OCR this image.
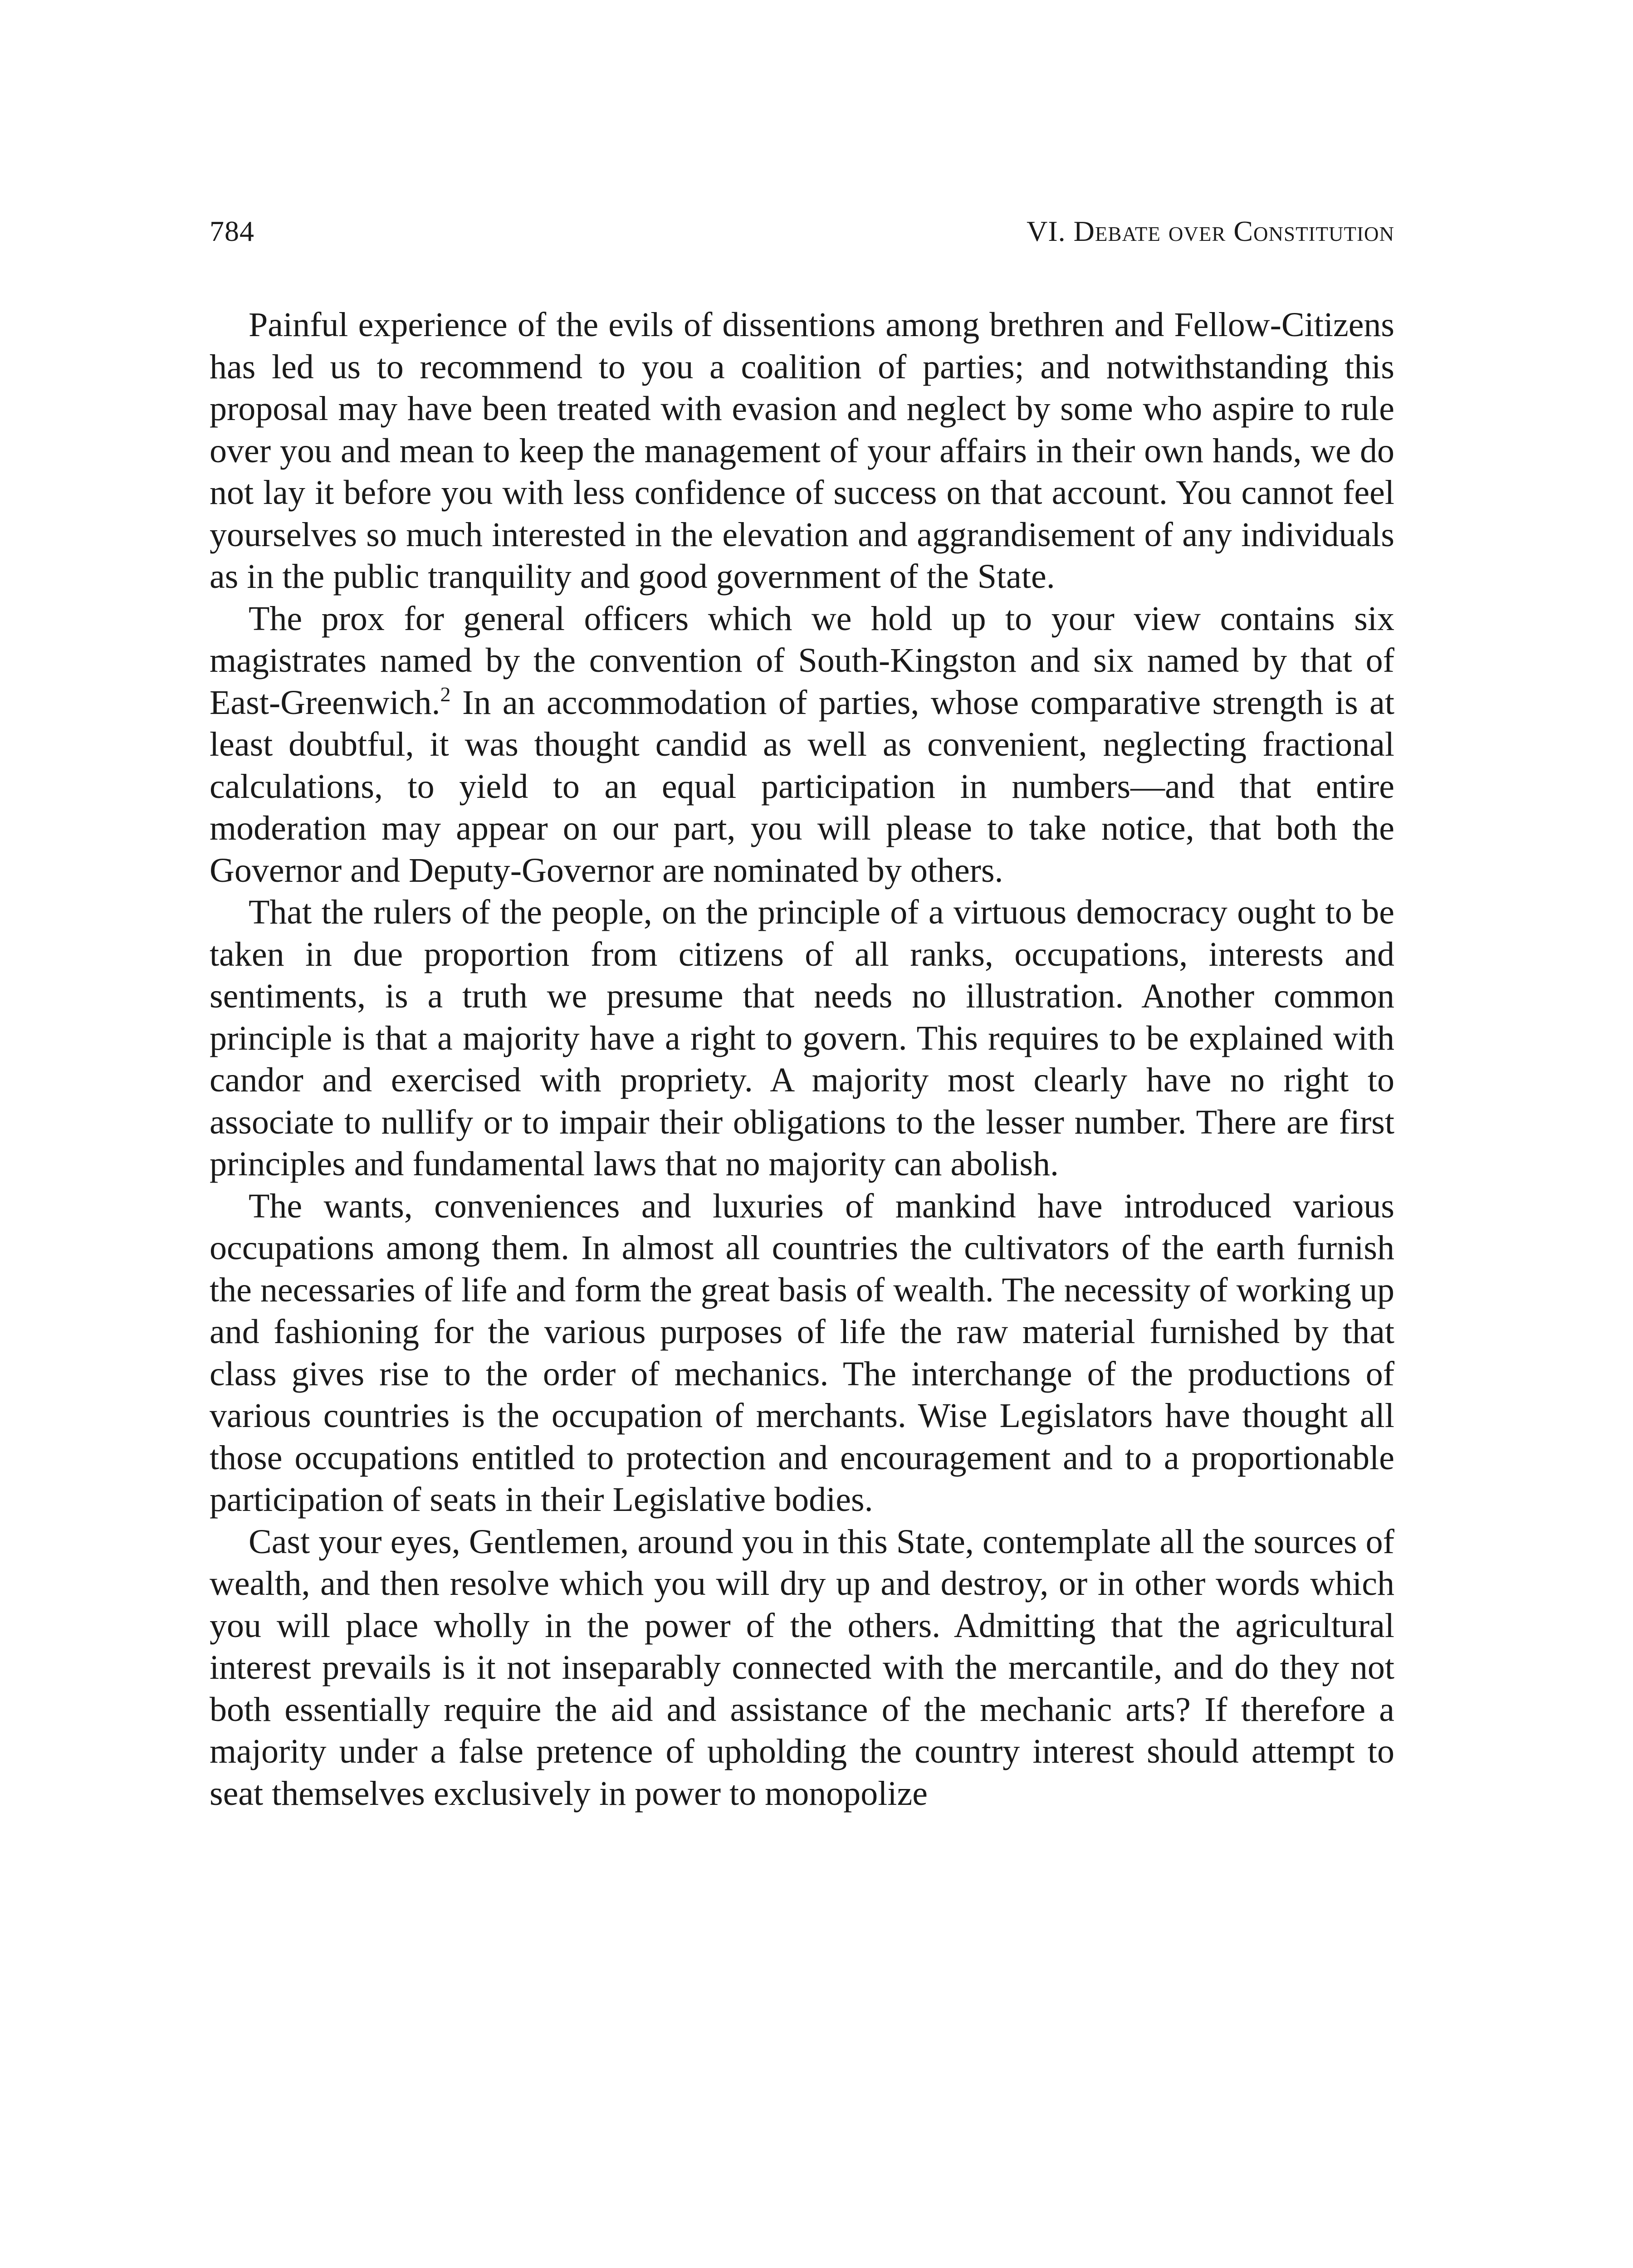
784	VI. Debate over Constitution

Painful experience of the evils of dissentions among brethren and Fellow-Citizens has led us to recommend to you a coalition of parties; and notwithstanding this proposal may have been treated with evasion and neglect by some who aspire to rule over you and mean to keep the management of your affairs in their own hands, we do not lay it before you with less confidence of success on that account. You cannot feel yourselves so much interested in the elevation and aggrandisement of any individuals as in the public tranquility and good government of the State.

The prox for general officers which we hold up to your view contains six magistrates named by the convention of South-Kingston and six named by that of East-Greenwich.$^2$ In an accommodation of parties, whose comparative strength is at least doubtful, it was thought candid as well as convenient, neglecting fractional calculations, to yield to an equal participation in numbers—and that entire moderation may appear on our part, you will please to take notice, that both the Governor and Deputy-Governor are nominated by others.

That the rulers of the people, on the principle of a virtuous democracy ought to be taken in due proportion from citizens of all ranks, occupations, interests and sentiments, is a truth we presume that needs no illustration. Another common principle is that a majority have a right to govern. This requires to be explained with candor and exercised with propriety. A majority most clearly have no right to associate to nullify or to impair their obligations to the lesser number. There are first principles and fundamental laws that no majority can abolish.

The wants, conveniences and luxuries of mankind have introduced various occupations among them. In almost all countries the cultivators of the earth furnish the necessaries of life and form the great basis of wealth. The necessity of working up and fashioning for the various purposes of life the raw material furnished by that class gives rise to the order of mechanics. The interchange of the productions of various countries is the occupation of merchants. Wise Legislators have thought all those occupations entitled to protection and encouragement and to a proportionable participation of seats in their Legislative bodies.

Cast your eyes, Gentlemen, around you in this State, contemplate all the sources of wealth, and then resolve which you will dry up and destroy, or in other words which you will place wholly in the power of the others. Admitting that the agricultural interest prevails is it not inseparably connected with the mercantile, and do they not both essentially require the aid and assistance of the mechanic arts? If therefore a majority under a false pretence of upholding the country interest should attempt to seat themselves exclusively in power to monopolize
